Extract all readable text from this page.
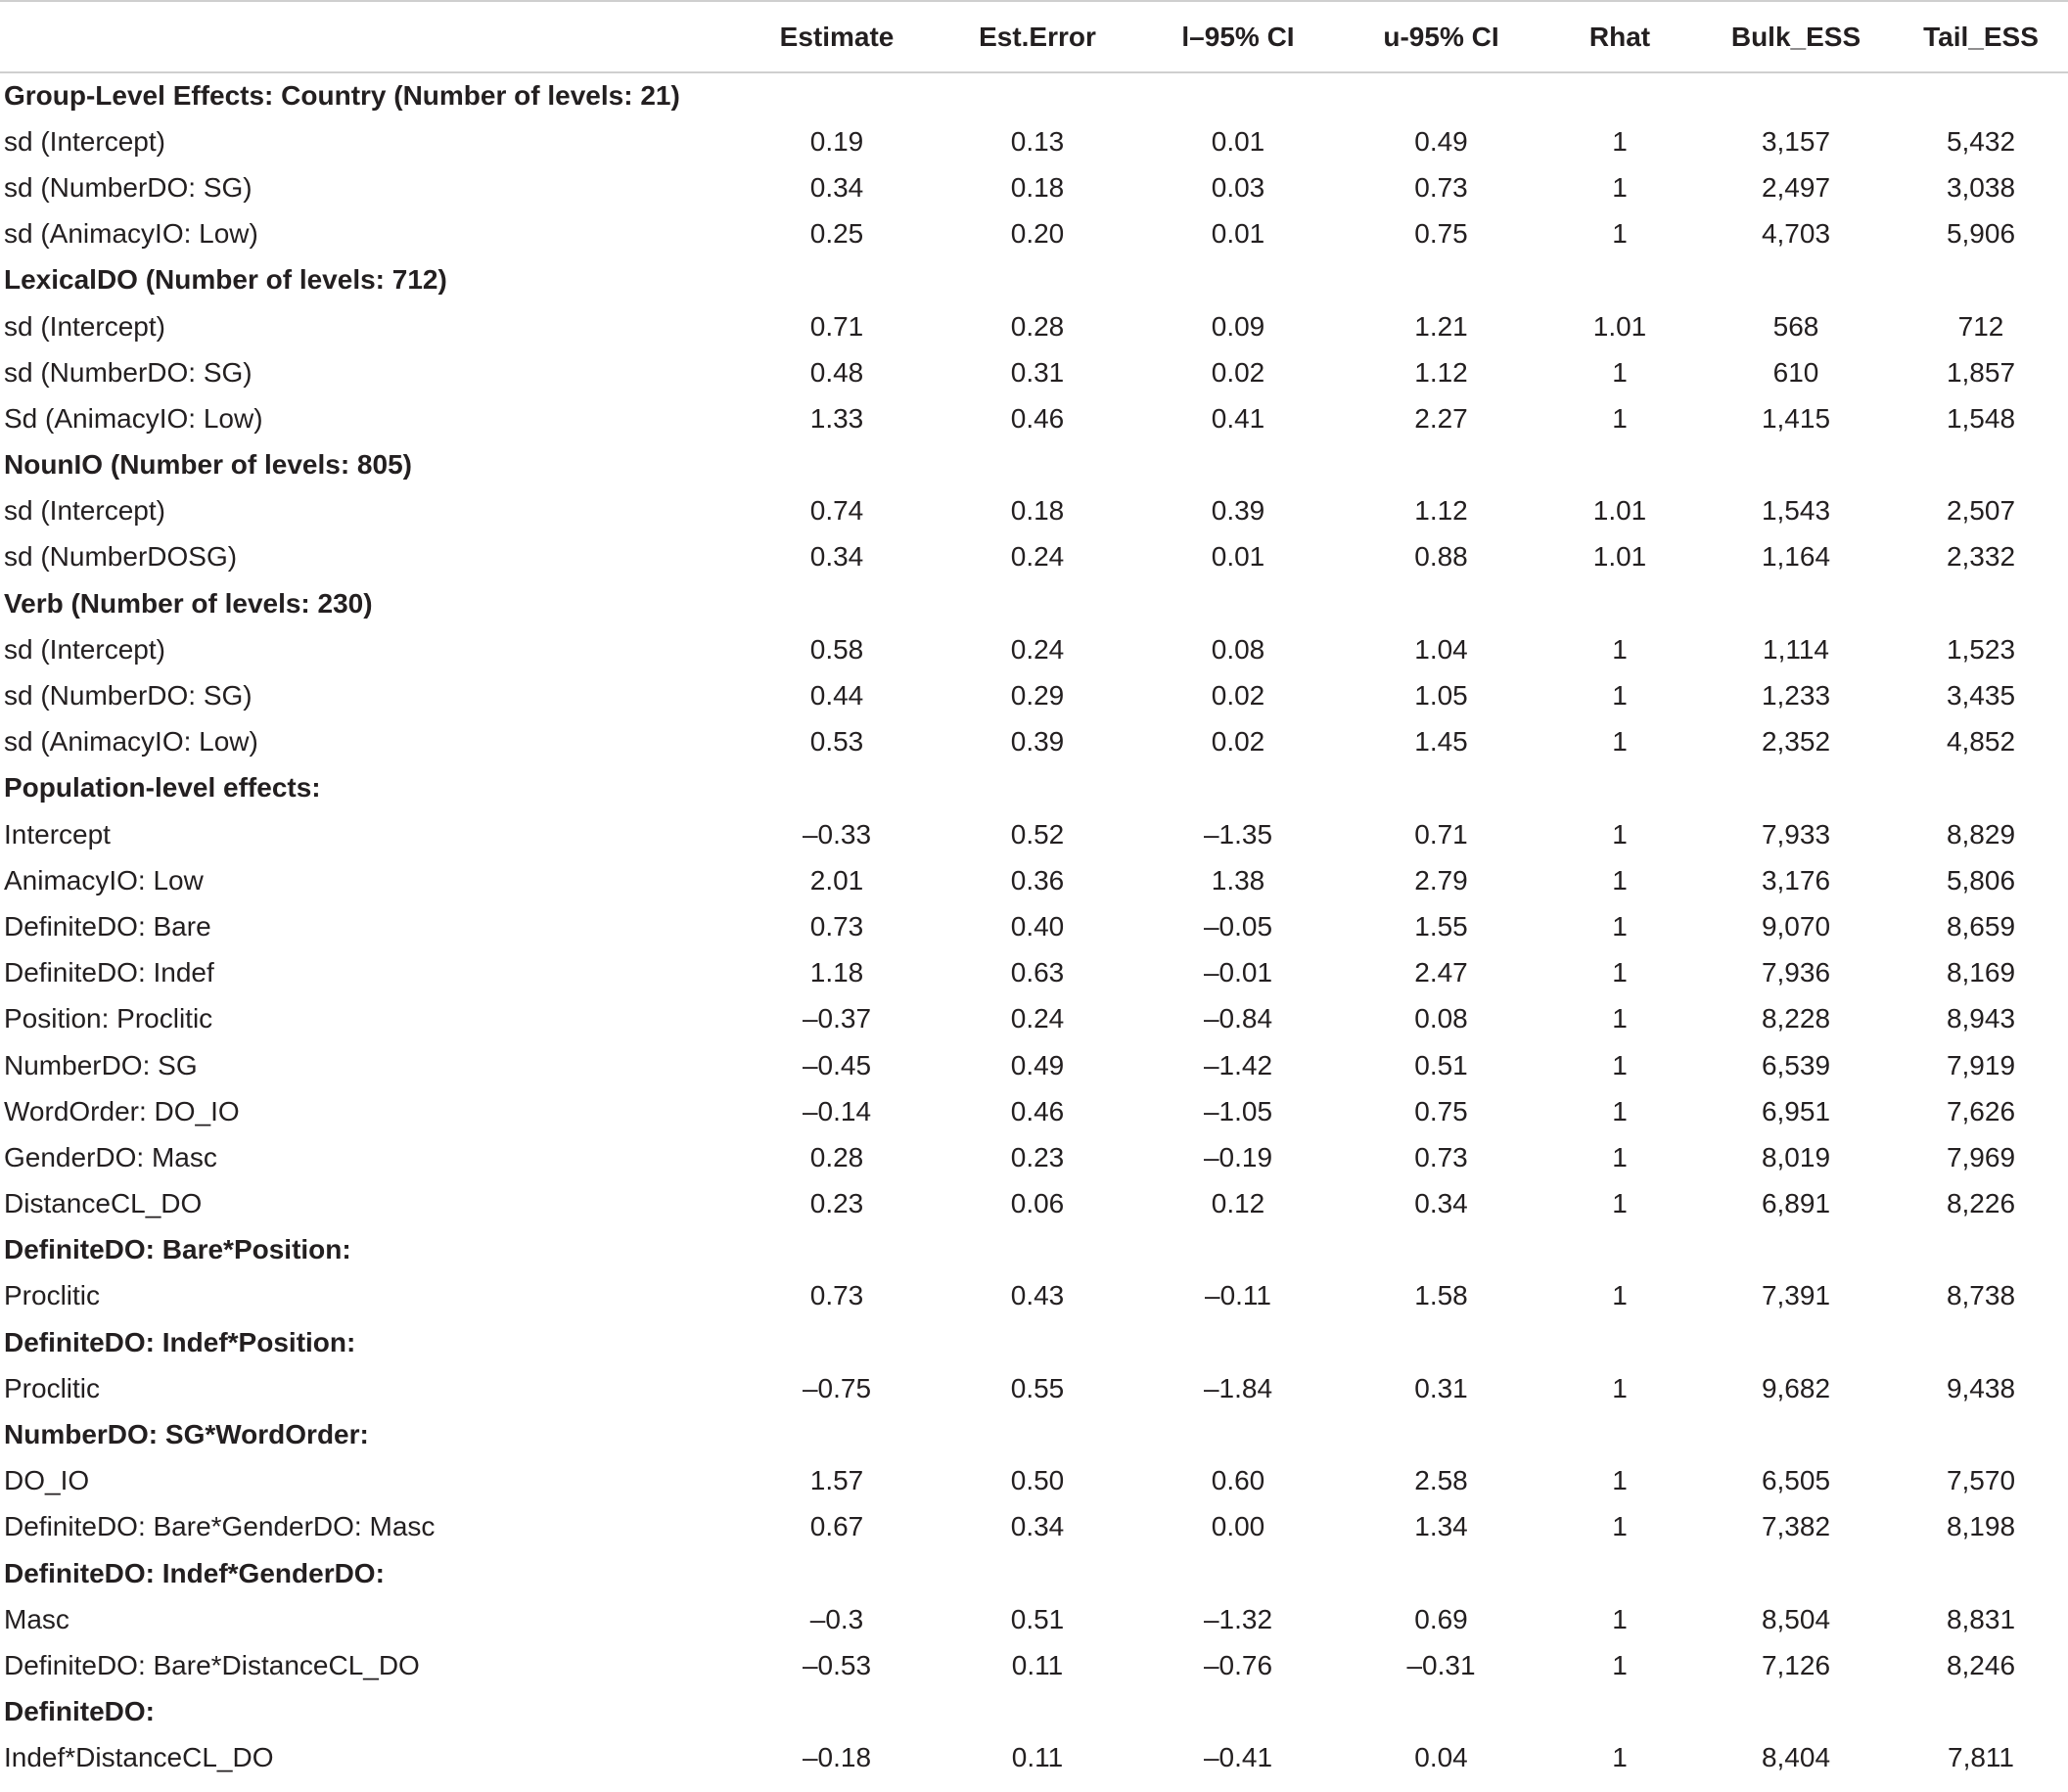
	Estimate	Est.Error	l–95% CI	u-95% CI	Rhat	Bulk_ESS	Tail_ESS
Group-Level Effects: Country (Number of levels: 21)							
sd (Intercept)	0.19	0.13	0.01	0.49	1	3,157	5,432
sd (NumberDO: SG)	0.34	0.18	0.03	0.73	1	2,497	3,038
sd (AnimacyIO: Low)	0.25	0.20	0.01	0.75	1	4,703	5,906
LexicalDO (Number of levels: 712)							
sd (Intercept)	0.71	0.28	0.09	1.21	1.01	568	712
sd (NumberDO: SG)	0.48	0.31	0.02	1.12	1	610	1,857
Sd (AnimacyIO: Low)	1.33	0.46	0.41	2.27	1	1,415	1,548
NounIO (Number of levels: 805)							
sd (Intercept)	0.74	0.18	0.39	1.12	1.01	1,543	2,507
sd (NumberDOSG)	0.34	0.24	0.01	0.88	1.01	1,164	2,332
Verb (Number of levels: 230)							
sd (Intercept)	0.58	0.24	0.08	1.04	1	1,114	1,523
sd (NumberDO: SG)	0.44	0.29	0.02	1.05	1	1,233	3,435
sd (AnimacyIO: Low)	0.53	0.39	0.02	1.45	1	2,352	4,852
Population-level effects:							
Intercept	–0.33	0.52	–1.35	0.71	1	7,933	8,829
AnimacyIO: Low	2.01	0.36	1.38	2.79	1	3,176	5,806
DefiniteDO: Bare	0.73	0.40	–0.05	1.55	1	9,070	8,659
DefiniteDO: Indef	1.18	0.63	–0.01	2.47	1	7,936	8,169
Position: Proclitic	–0.37	0.24	–0.84	0.08	1	8,228	8,943
NumberDO: SG	–0.45	0.49	–1.42	0.51	1	6,539	7,919
WordOrder: DO_IO	–0.14	0.46	–1.05	0.75	1	6,951	7,626
GenderDO: Masc	0.28	0.23	–0.19	0.73	1	8,019	7,969
DistanceCL_DO	0.23	0.06	0.12	0.34	1	6,891	8,226
DefiniteDO: Bare*Position:							
Proclitic	0.73	0.43	–0.11	1.58	1	7,391	8,738
DefiniteDO: Indef*Position:							
Proclitic	–0.75	0.55	–1.84	0.31	1	9,682	9,438
NumberDO: SG*WordOrder:							
DO_IO	1.57	0.50	0.60	2.58	1	6,505	7,570
DefiniteDO: Bare*GenderDO: Masc	0.67	0.34	0.00	1.34	1	7,382	8,198
DefiniteDO: Indef*GenderDO:							
Masc	–0.3	0.51	–1.32	0.69	1	8,504	8,831
DefiniteDO: Bare*DistanceCL_DO	–0.53	0.11	–0.76	–0.31	1	7,126	8,246
DefiniteDO:							
Indef*DistanceCL_DO	–0.18	0.11	–0.41	0.04	1	8,404	7,811
